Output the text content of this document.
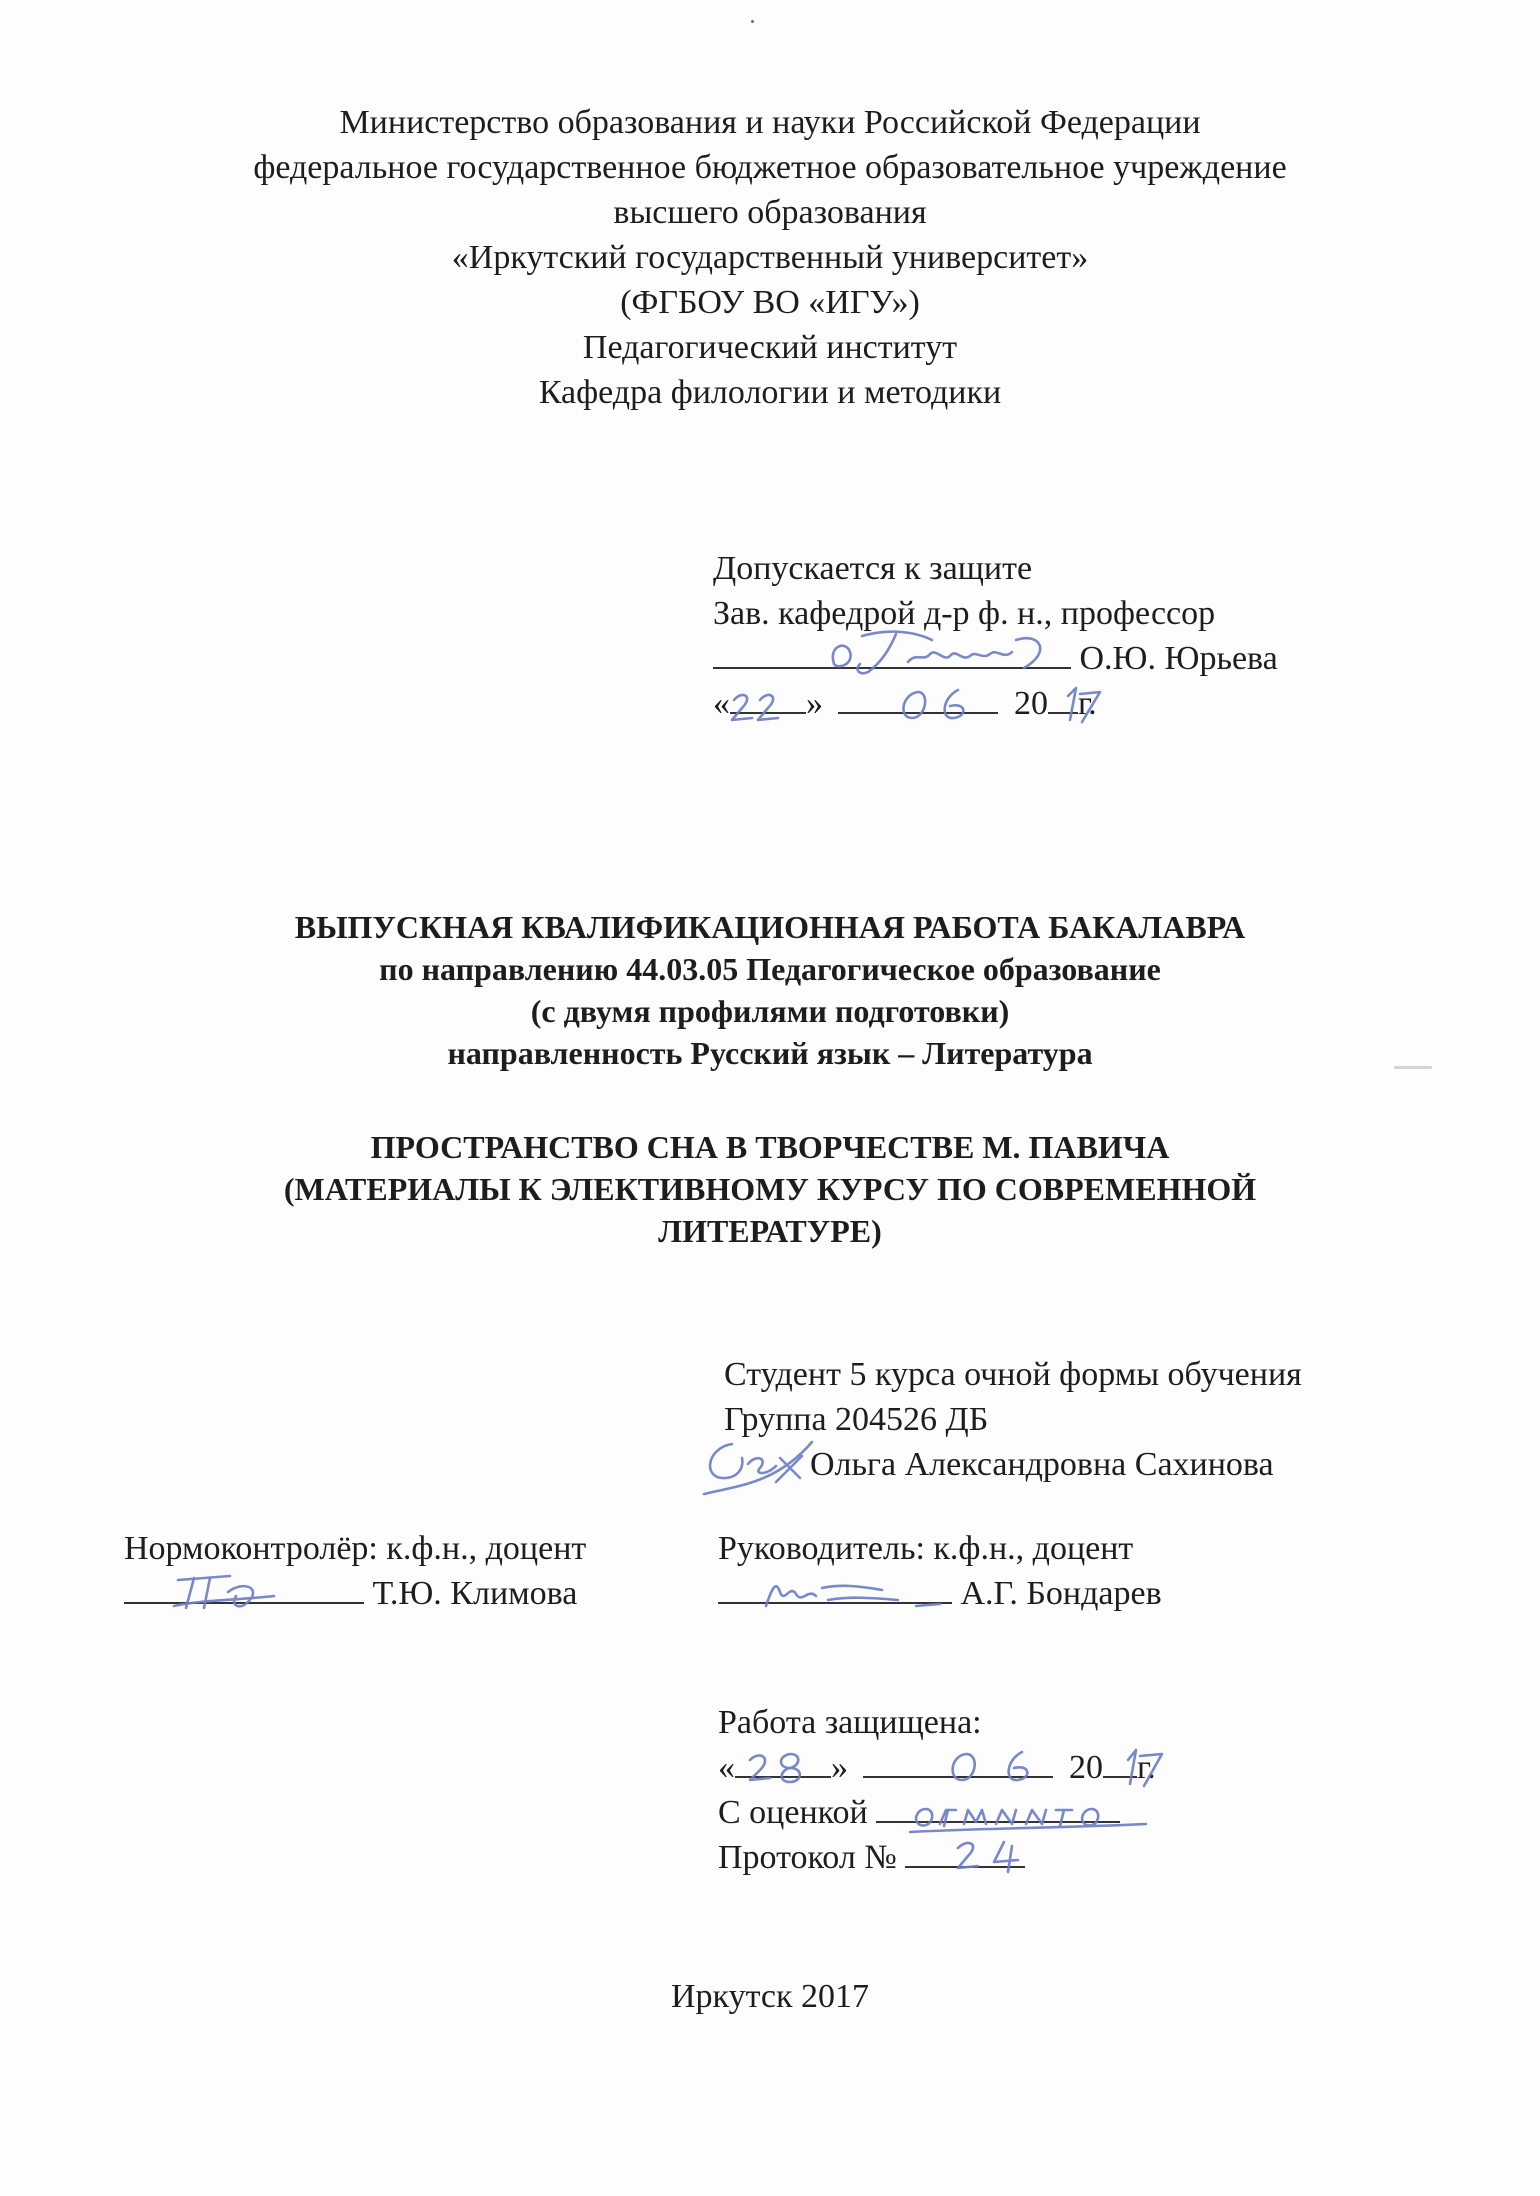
Министерство образования и науки Российской Федерации
федеральное государственное бюджетное образовательное учреждение
высшего образования
«Иркутский государственный университет»
(ФГБОУ ВО «ИГУ»)
Педагогический институт
Кафедра филологии и методики
Допускается к защите
Зав. кафедрой д-р ф. н., профессор
О.Ю. Юрьева
« »	20 г.
ВЫПУСКНАЯ КВАЛИФИКАЦИОННАЯ РАБОТА БАКАЛАВРА
по направлению 44.03.05 Педагогическое образование
(с двумя профилями подготовки)
направленность Русский язык – Литература
ПРОСТРАНСТВО СНА В ТВОРЧЕСТВЕ М. ПАВИЧА
(МАТЕРИАЛЫ К ЭЛЕКТИВНОМУ КУРСУ ПО СОВРЕМЕННОЙ
ЛИТЕРАТУРЕ)
Студент 5 курса очной формы обучения
Группа 204526 ДБ
Ольга Александровна Сахинова
Нормоконтролёр: к.ф.н., доцент
Т.Ю. Климова
Руководитель: к.ф.н., доцент
А.Г. Бондарев
Работа защищена:
«	»	20 г.
С оценкой
Протокол №
Иркутск 2017
